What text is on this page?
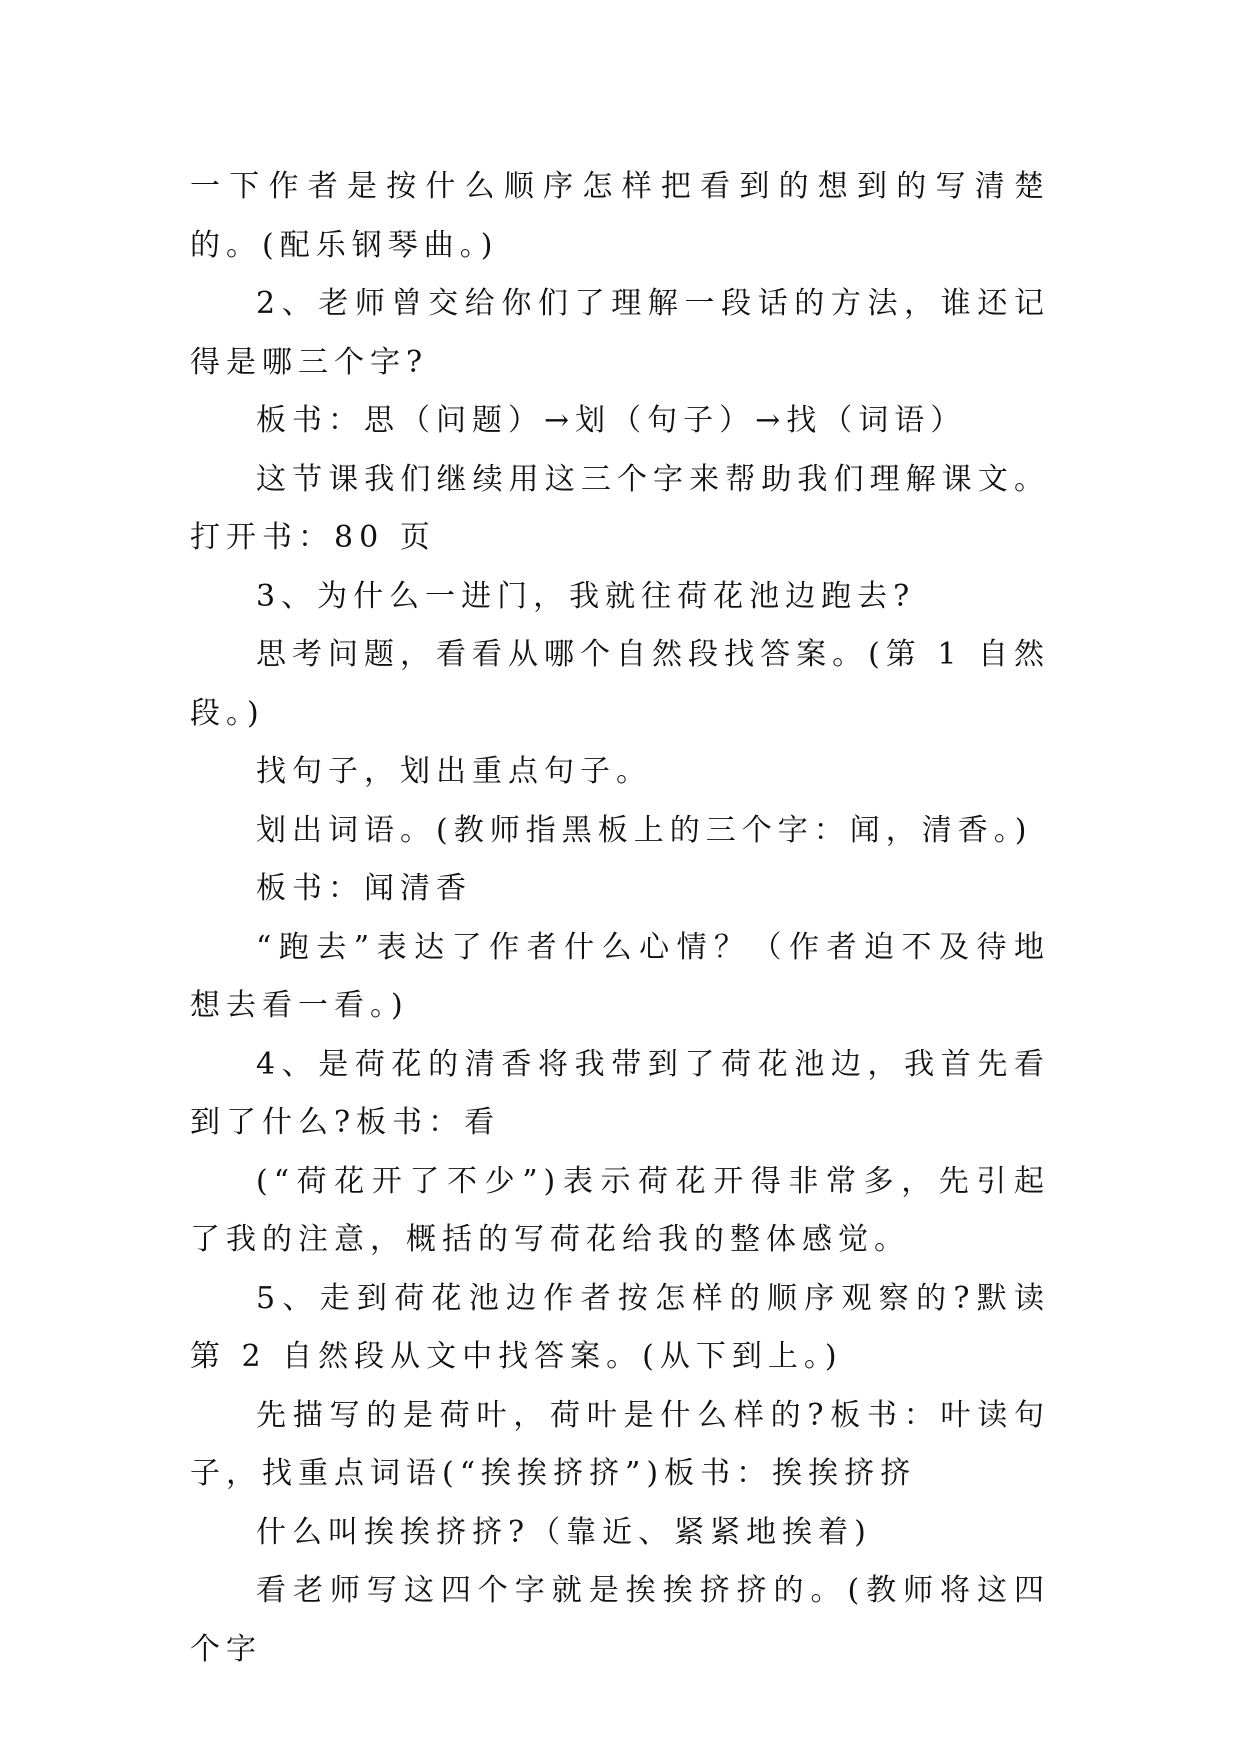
一下作者是按什么顺序怎样把看到的想到的写清楚的。(配乐钢琴曲。)

2、老师曾交给你们了理解一段话的方法，谁还记得是哪三个字?

板书：思（问题）→划（句子）→找（词语）

这节课我们继续用这三个字来帮助我们理解课文。打开书：80 页

3、为什么一进门，我就往荷花池边跑去?

思考问题，看看从哪个自然段找答案。(第 1 自然段。)

找句子，划出重点句子。

划出词语。(教师指黑板上的三个字：闻，清香。)

板书：闻清香

“跑去”表达了作者什么心情？（作者迫不及待地想去看一看。)

4、是荷花的清香将我带到了荷花池边，我首先看到了什么?板书：看

(“荷花开了不少”)表示荷花开得非常多，先引起了我的注意，概括的写荷花给我的整体感觉。

5、走到荷花池边作者按怎样的顺序观察的?默读第 2 自然段从文中找答案。(从下到上。)

先描写的是荷叶，荷叶是什么样的?板书：叶读句子，找重点词语(“挨挨挤挤”)板书：挨挨挤挤

什么叫挨挨挤挤?（靠近、紧紧地挨着)

看老师写这四个字就是挨挨挤挤的。(教师将这四个字
